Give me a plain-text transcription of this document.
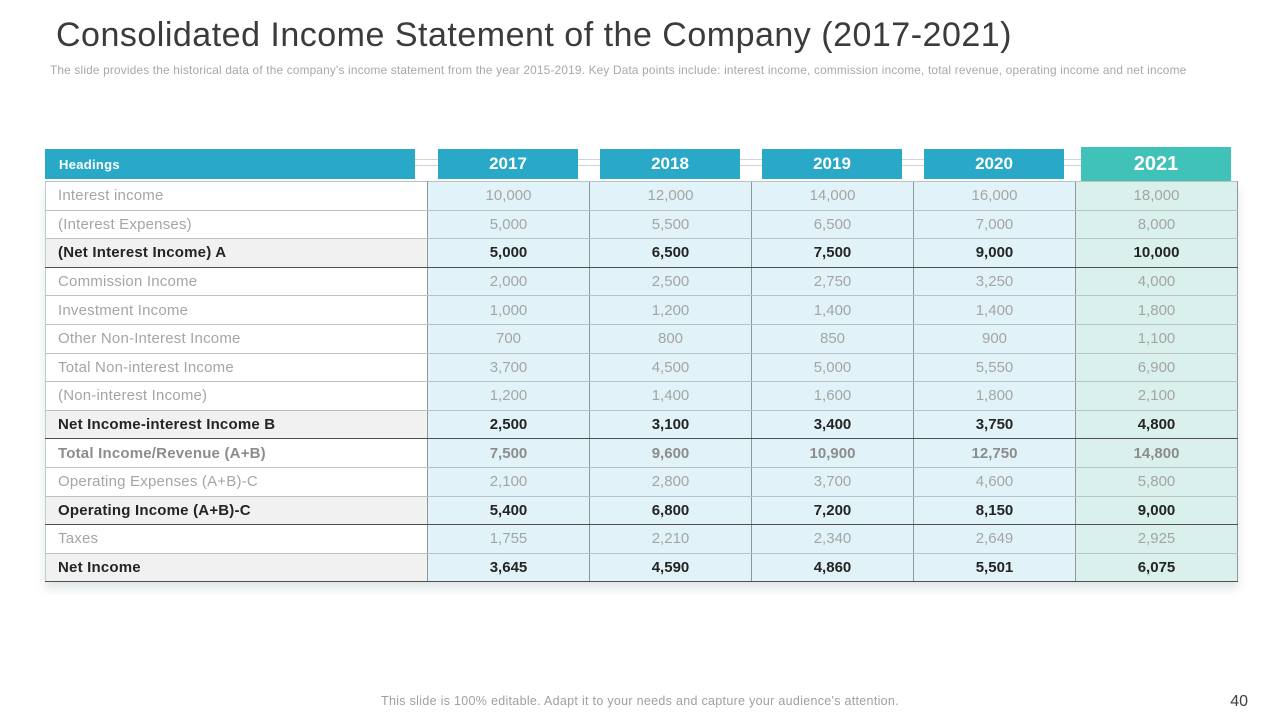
Consolidated Income Statement of the Company (2017-2021)
The slide provides the historical data of the company's income statement from the year 2015-2019. Key Data points include: interest income, commission income, total revenue, operating income and net income
Headings	2017	2018	2019	2020	2021
Interest income	10,000	12,000	14,000	16,000	18,000
(Interest Expenses)	5,000	5,500	6,500	7,000	8,000
(Net Interest Income) A	5,000	6,500	7,500	9,000	10,000
Commission Income	2,000	2,500	2,750	3,250	4,000
Investment Income	1,000	1,200	1,400	1,400	1,800
Other Non-Interest Income	700	800	850	900	1,100
Total Non-interest Income	3,700	4,500	5,000	5,550	6,900
(Non-interest Income)	1,200	1,400	1,600	1,800	2,100
Net Income-interest Income B	2,500	3,100	3,400	3,750	4,800
Total Income/Revenue (A+B)	7,500	9,600	10,900	12,750	14,800
Operating Expenses (A+B)-C	2,100	2,800	3,700	4,600	5,800
Operating Income (A+B)-C	5,400	6,800	7,200	8,150	9,000
Taxes	1,755	2,210	2,340	2,649	2,925
Net Income	3,645	4,590	4,860	5,501	6,075
This slide is 100% editable. Adapt it to your needs and capture your audience's attention.	40
